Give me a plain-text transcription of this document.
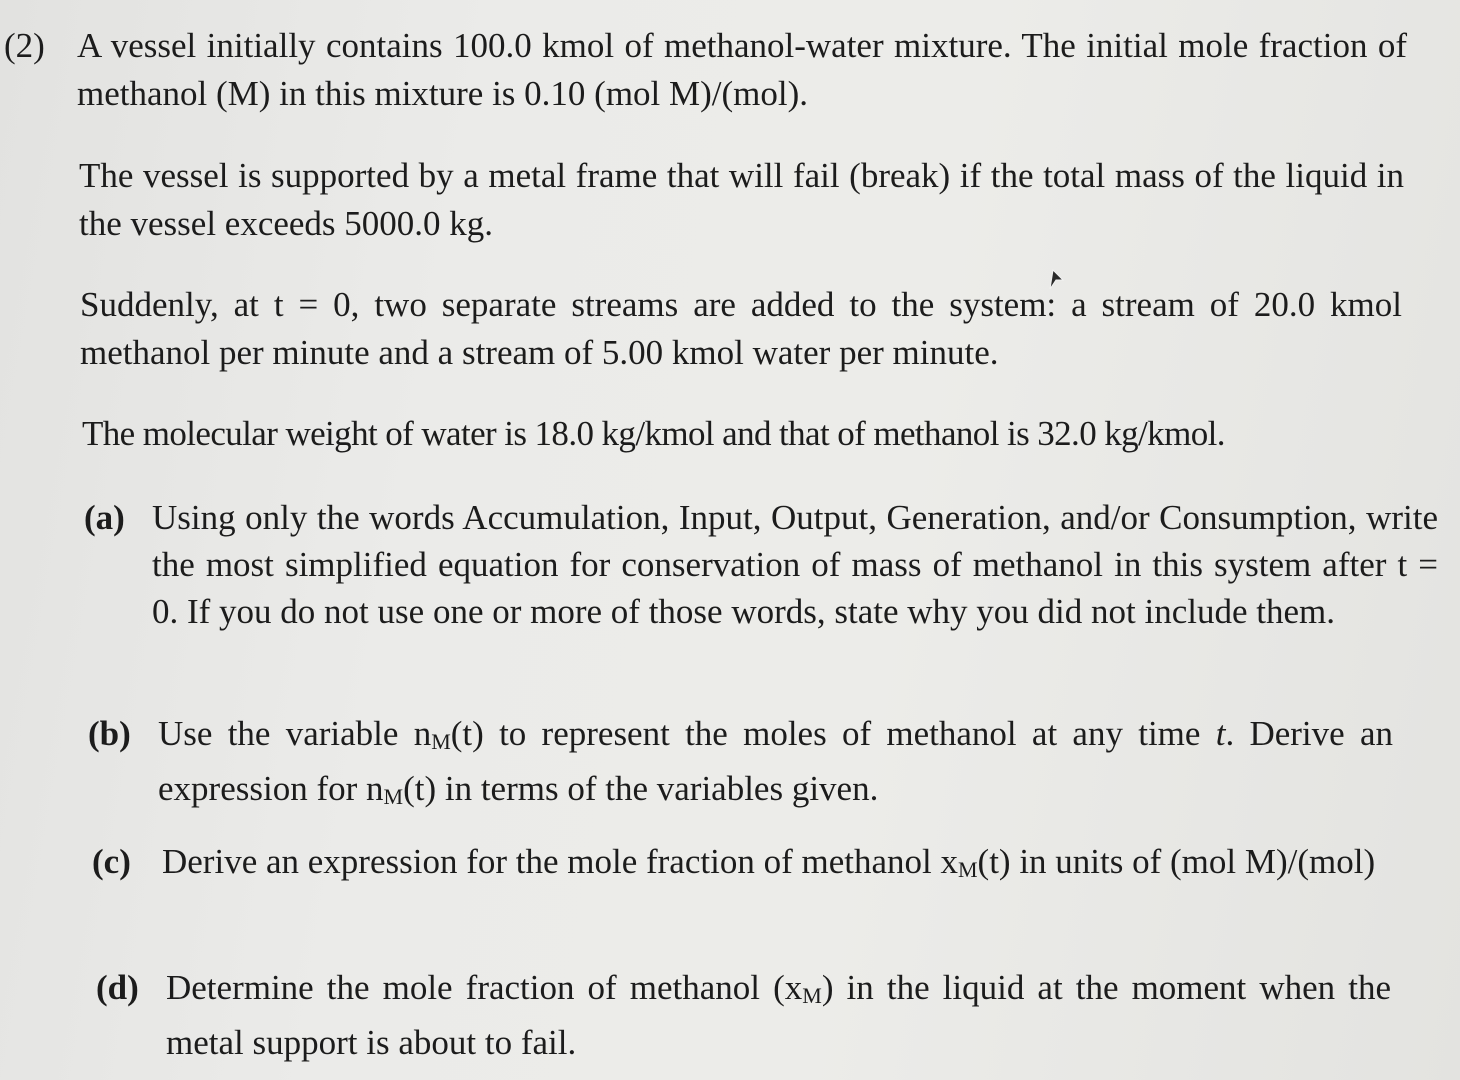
(2) A vessel initially contains 100.0 kmol of methanol-water mixture. The initial mole fraction of methanol (M) in this mixture is 0.10 (mol M)/(mol).

The vessel is supported by a metal frame that will fail (break) if the total mass of the liquid in the vessel exceeds 5000.0 kg.

Suddenly, at t = 0, two separate streams are added to the system: a stream of 20.0 kmol methanol per minute and a stream of 5.00 kmol water per minute.

The molecular weight of water is 18.0 kg/kmol and that of methanol is 32.0 kg/kmol.

(a) Using only the words Accumulation, Input, Output, Generation, and/or Consumption, write the most simplified equation for conservation of mass of methanol in this system after t = 0. If you do not use one or more of those words, state why you did not include them.
(b) Use the variable nM(t) to represent the moles of methanol at any time t. Derive an expression for nM(t) in terms of the variables given.
(c) Derive an expression for the mole fraction of methanol xM(t) in units of (mol M)/(mol)
(d) Determine the mole fraction of methanol (xM) in the liquid at the moment when the metal support is about to fail.
